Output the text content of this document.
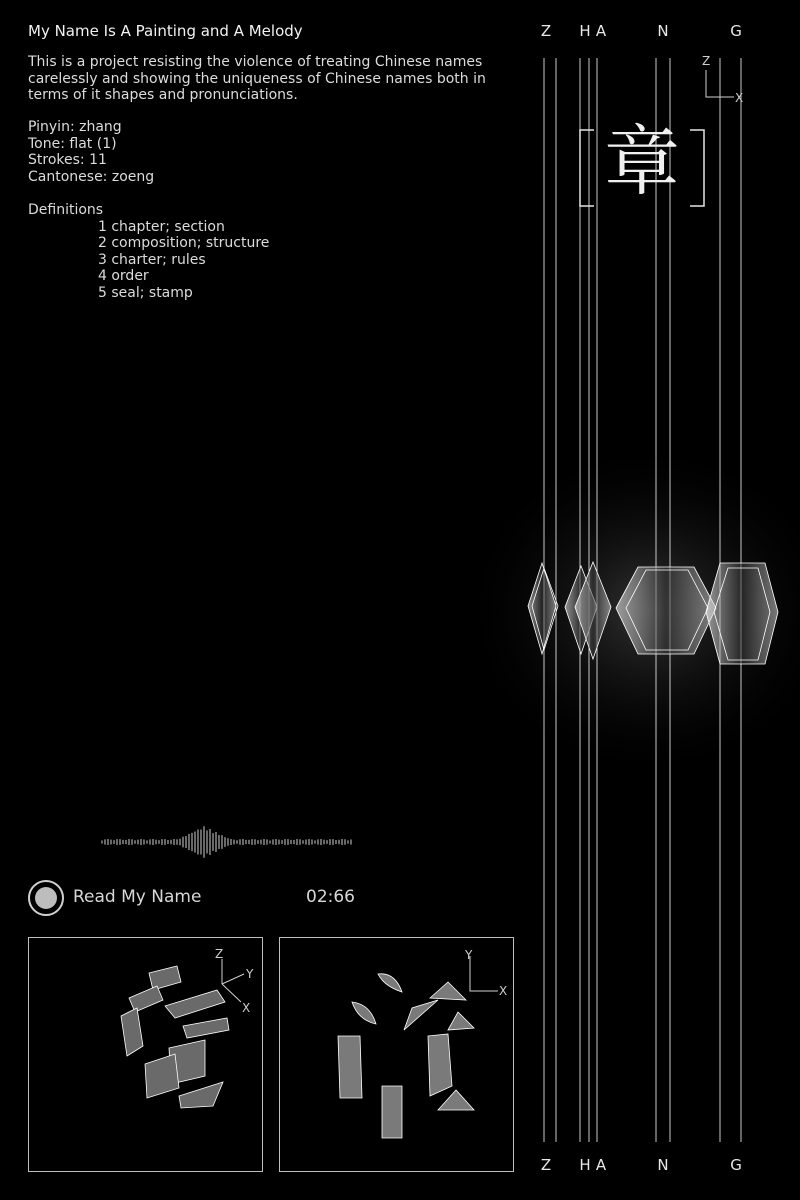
My Name Is A Painting and A Melody
This is a project resisting the violence of treating Chinese names carelessly and showing the uniqueness of Chinese names both in terms of it shapes and pronunciations.
Pinyin: zhang
Tone: flat (1)
Strokes: 11
Cantonese: zoeng
Definitions
1 chapter; section
2 composition; structure
3 charter; rules
4 order
5 seal; stamp
Z H A	N	G
Z
X
章
Read My Name	02:66
Z
Y
X
Y
X
Z H A	N	G
